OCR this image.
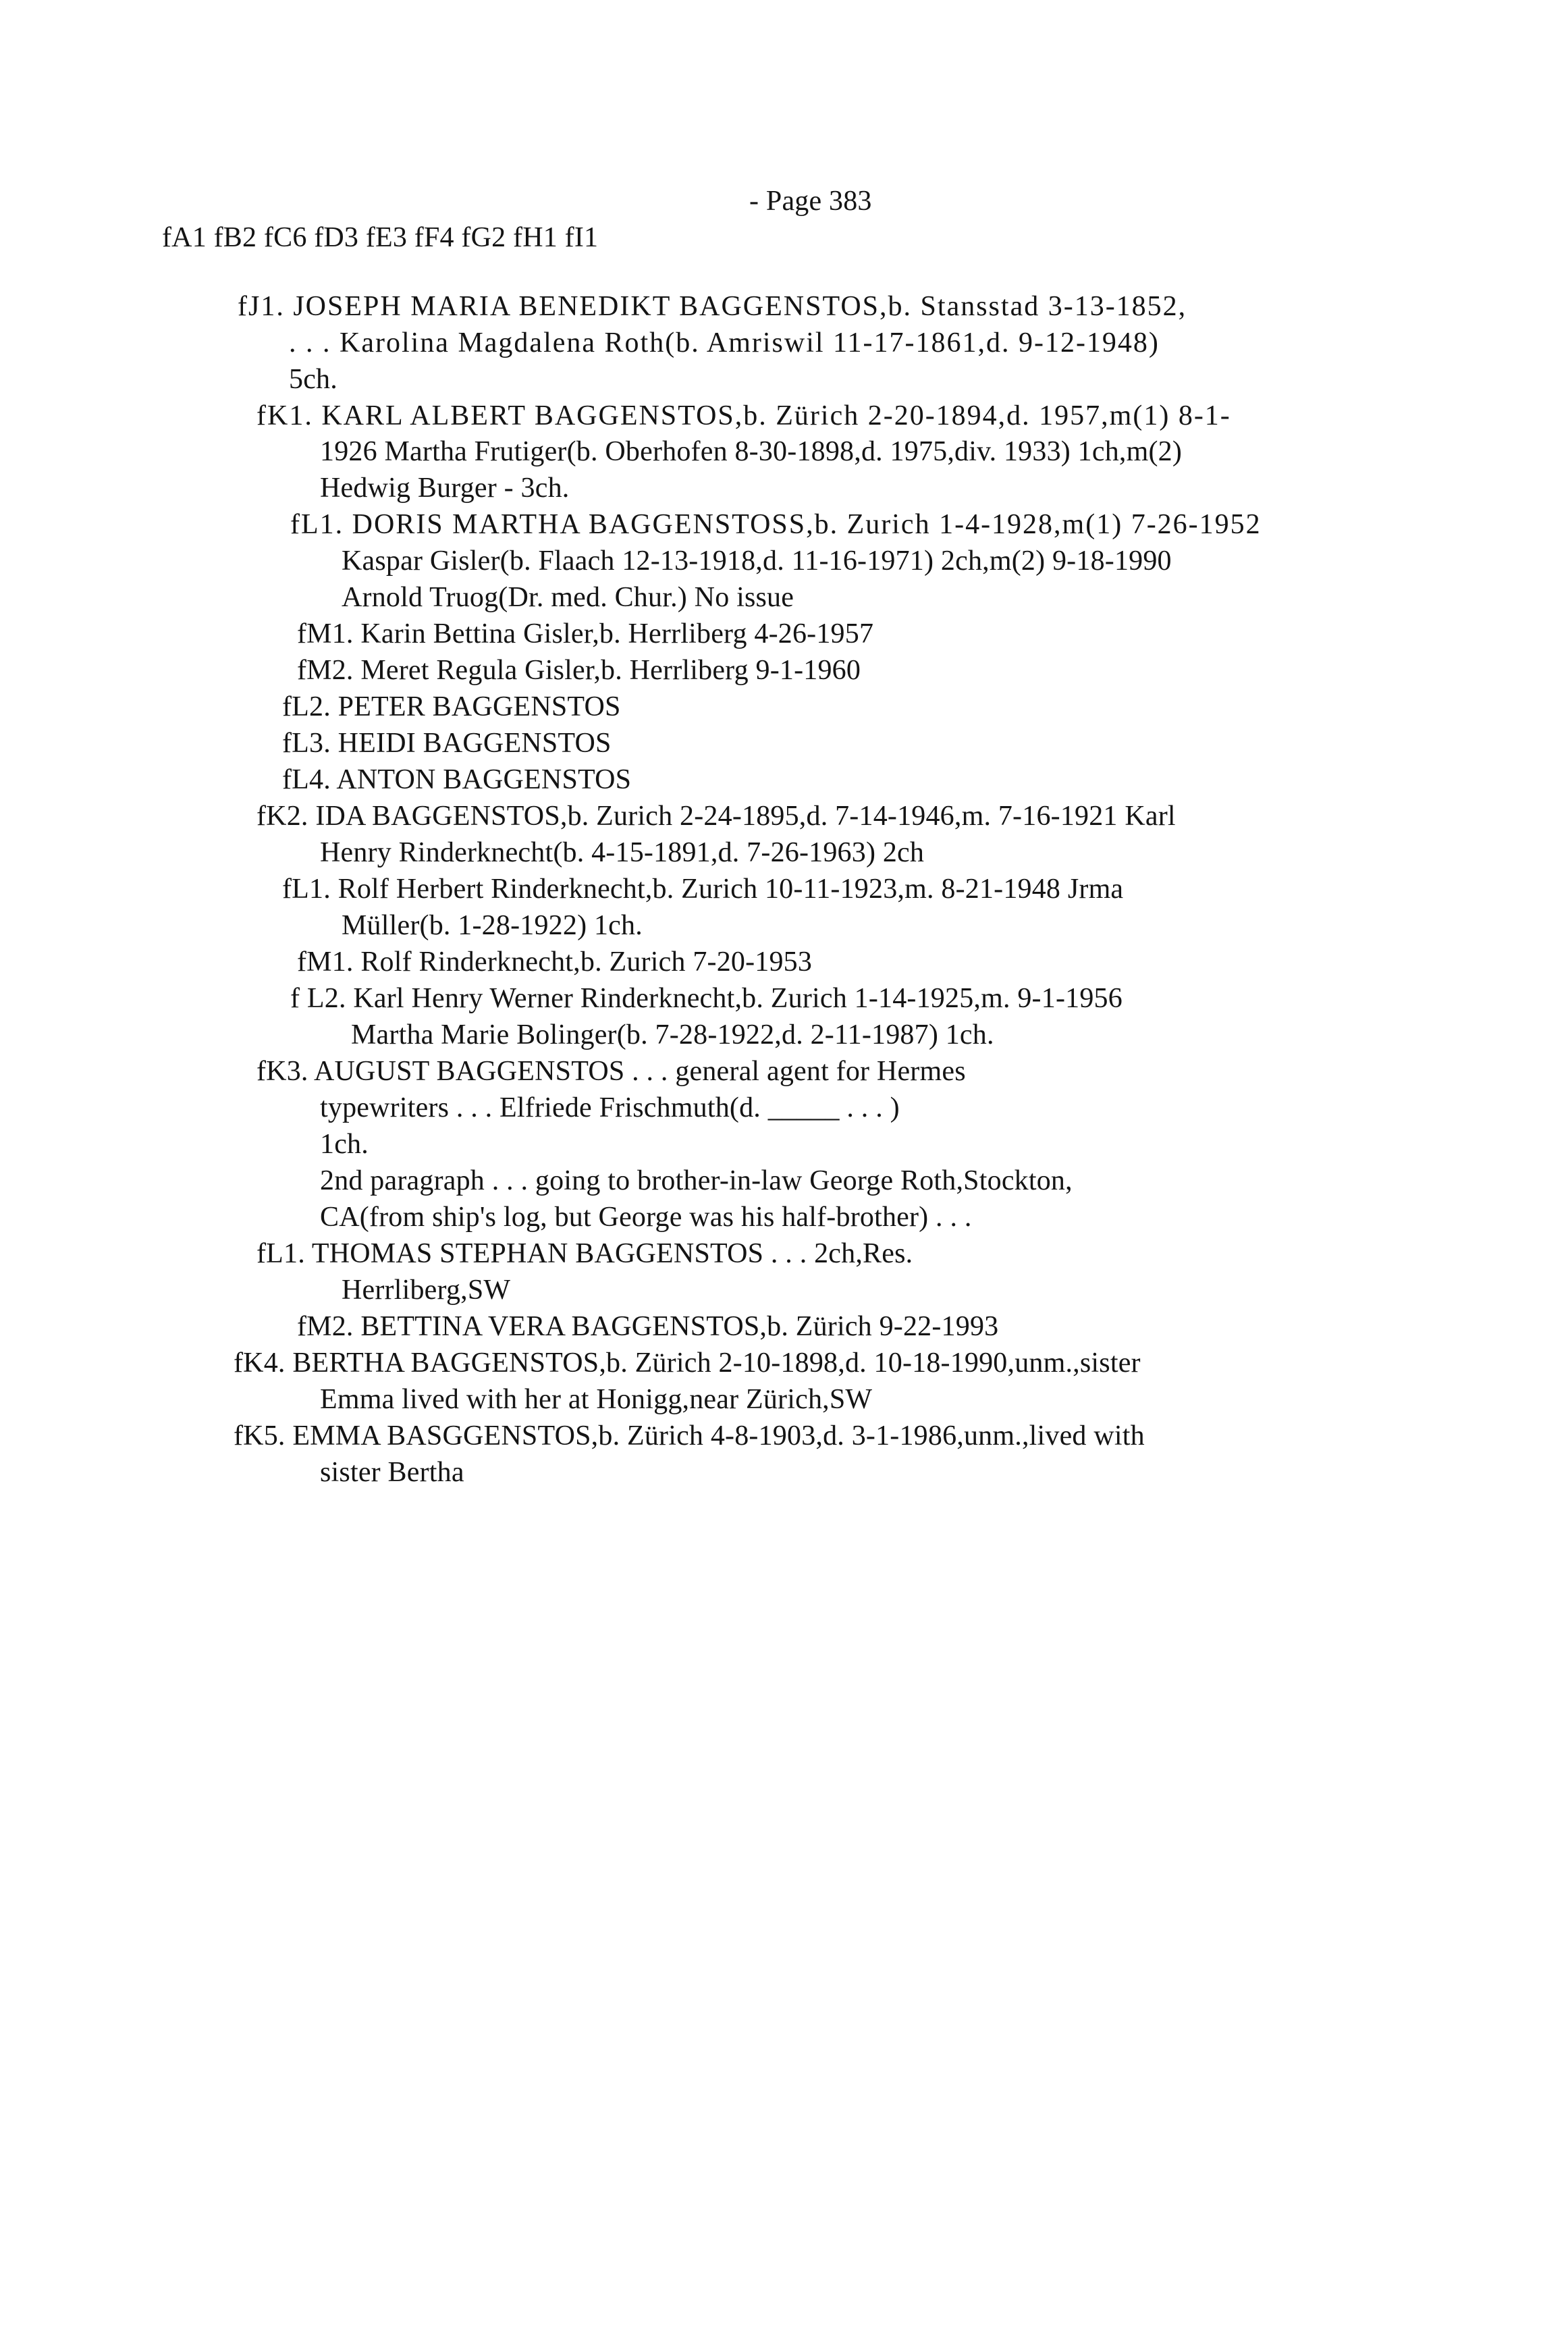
- Page 383
fA1 fB2 fC6 fD3 fE3 fF4 fG2 fH1 fI1
fJ1. JOSEPH MARIA BENEDIKT BAGGENSTOS,b. Stansstad 3-13-1852,
. . . Karolina Magdalena Roth(b. Amriswil 11-17-1861,d. 9-12-1948)
5ch.
fK1. KARL ALBERT BAGGENSTOS,b. Zürich 2-20-1894,d. 1957,m(1) 8-1-
1926 Martha Frutiger(b. Oberhofen 8-30-1898,d. 1975,div. 1933) 1ch,m(2)
Hedwig Burger - 3ch.
fL1. DORIS MARTHA BAGGENSTOSS,b. Zurich 1-4-1928,m(1) 7-26-1952
Kaspar Gisler(b. Flaach 12-13-1918,d. 11-16-1971) 2ch,m(2) 9-18-1990
Arnold Truog(Dr. med. Chur.) No issue
fM1. Karin Bettina Gisler,b. Herrliberg 4-26-1957
fM2. Meret Regula Gisler,b. Herrliberg 9-1-1960
fL2. PETER BAGGENSTOS
fL3. HEIDI BAGGENSTOS
fL4. ANTON BAGGENSTOS
fK2. IDA BAGGENSTOS,b. Zurich 2-24-1895,d. 7-14-1946,m. 7-16-1921 Karl
Henry Rinderknecht(b. 4-15-1891,d. 7-26-1963) 2ch
fL1. Rolf Herbert Rinderknecht,b. Zurich 10-11-1923,m. 8-21-1948 Jrma
Müller(b. 1-28-1922) 1ch.
fM1. Rolf Rinderknecht,b. Zurich 7-20-1953
f L2. Karl Henry Werner Rinderknecht,b. Zurich 1-14-1925,m. 9-1-1956
Martha Marie Bolinger(b. 7-28-1922,d. 2-11-1987) 1ch.
fK3. AUGUST BAGGENSTOS . . . general agent for Hermes
typewriters . . . Elfriede Frischmuth(d. _____ . . . )
1ch.
2nd paragraph . . . going to brother-in-law George Roth,Stockton,
CA(from ship's log, but George was his half-brother) . . .
fL1. THOMAS STEPHAN BAGGENSTOS . . . 2ch,Res.
Herrliberg,SW
fM2. BETTINA VERA BAGGENSTOS,b. Zürich 9-22-1993
fK4. BERTHA BAGGENSTOS,b. Zürich 2-10-1898,d. 10-18-1990,unm.,sister
Emma lived with her at Honigg,near Zürich,SW
fK5. EMMA BASGGENSTOS,b. Zürich 4-8-1903,d. 3-1-1986,unm.,lived with
sister Bertha
